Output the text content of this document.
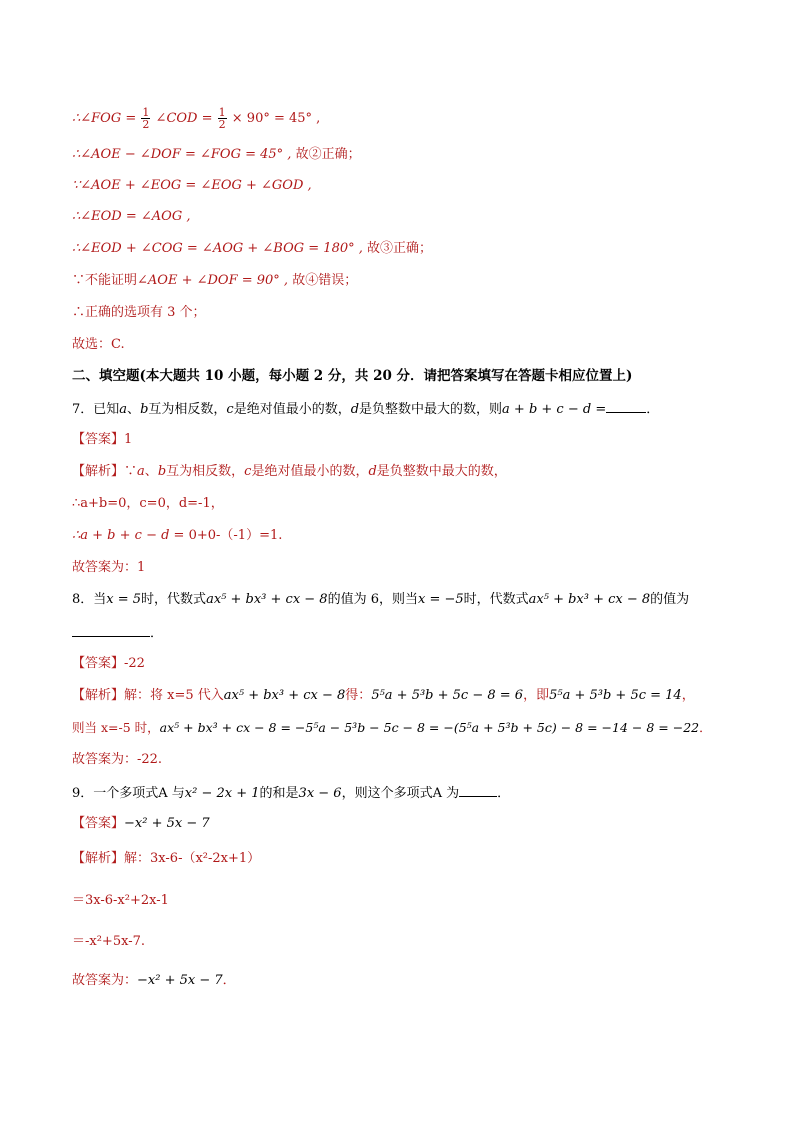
∴∠FOG = $\frac{1}{2}$ ∠COD = $\frac{1}{2} \times 90^\circ = 45^\circ$ ,
∴∠AOE − ∠DOF = ∠FOG = 45° , 故②正确；
∵∠AOE + ∠EOG = ∠EOG + ∠GOD ,
∴∠EOD = ∠AOG ,
∴∠EOD + ∠COG = ∠AOG + ∠BOG = 180° , 故③正确；
∵不能证明∠AOE + ∠DOF = 90° , 故④错误；
∴正确的选项有 3 个；
故选：C.
二、填空题(本大题共 10 小题，每小题 2 分，共 20 分．请把答案填写在答题卡相应位置上)
7．已知a、b互为相反数，c是绝对值最小的数，d是负整数中最大的数，则a + b + c − d =	．
【答案】1
【解析】∵a、b互为相反数，c是绝对值最小的数，d是负整数中最大的数，
∴a+b=0，c=0，d=-1，
∴a + b + c − d = 0+0-（-1）=1.
故答案为：1
8．当x = 5时，代数式ax⁵ + bx³ + cx − 8的值为 6，则当x = −5时，代数式ax⁵ + bx³ + cx − 8的值为
．
【答案】-22
【解析】解：将 x=5 代入ax⁵ + bx³ + cx − 8得：5⁵a + 5³b + 5c − 8 = 6，即5⁵a + 5³b + 5c = 14，
则当 x=-5 时，ax⁵ + bx³ + cx − 8 = −5⁵a − 5³b − 5c − 8 = −(5⁵a + 5³b + 5c) − 8 = −14 − 8 = −22．
故答案为：-22.
9．一个多项式A 与x² − 2x + 1的和是3x − 6，则这个多项式A 为	．
【答案】−x² + 5x − 7
【解析】解：3x-6-（x²-2x+1）
＝3x-6-x²+2x-1
＝-x²+5x-7.
故答案为：−x² + 5x − 7．
